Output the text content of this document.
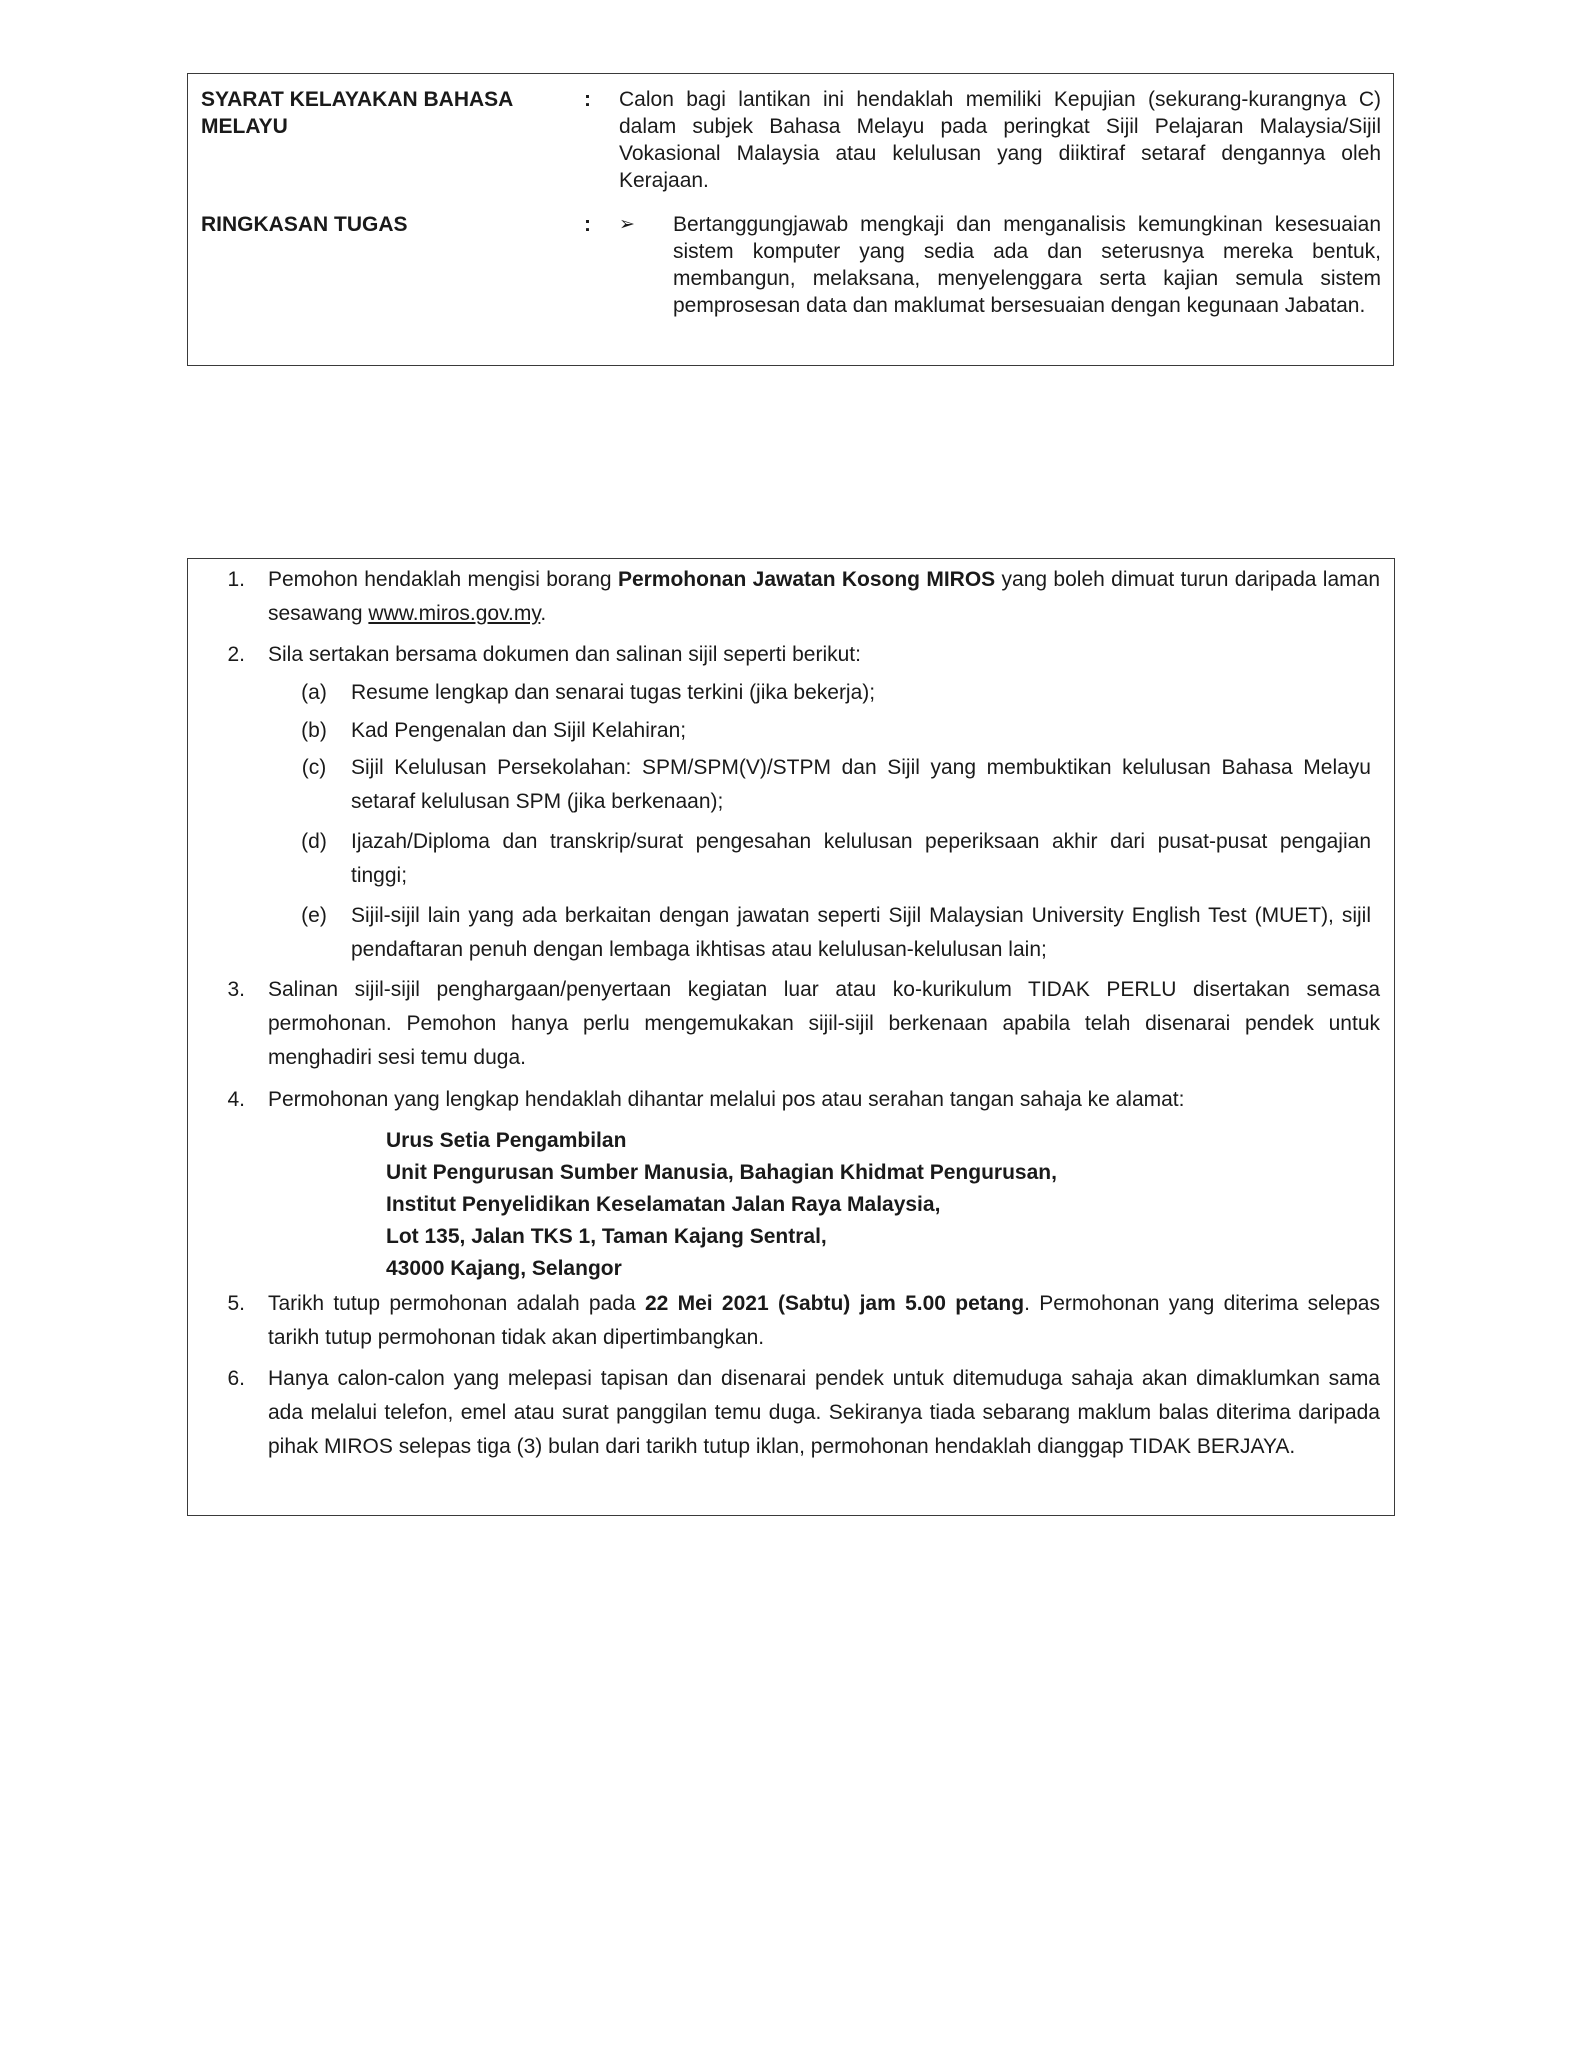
SYARAT KELAYAKAN BAHASA MELAYU
: Calon bagi lantikan ini hendaklah memiliki Kepujian (sekurang-kurangnya C) dalam subjek Bahasa Melayu pada peringkat Sijil Pelajaran Malaysia/Sijil Vokasional Malaysia atau kelulusan yang diiktiraf setaraf dengannya oleh Kerajaan.
RINGKASAN TUGAS	: ➢ Bertanggungjawab mengkaji dan menganalisis kemungkinan kesesuaian sistem komputer yang sedia ada dan seterusnya mereka bentuk, membangun, melaksana, menyelenggara serta kajian semula sistem pemprosesan data dan maklumat bersesuaian dengan kegunaan Jabatan.
1. Pemohon hendaklah mengisi borang Permohonan Jawatan Kosong MIROS yang boleh dimuat turun daripada laman sesawang www.miros.gov.my.
2. Sila sertakan bersama dokumen dan salinan sijil seperti berikut:
(a)	Resume lengkap dan senarai tugas terkini (jika bekerja);
(b)	Kad Pengenalan dan Sijil Kelahiran;
(c)	Sijil Kelulusan Persekolahan: SPM/SPM(V)/STPM dan Sijil yang membuktikan kelulusan Bahasa Melayu setaraf kelulusan SPM (jika berkenaan);
(d)	Ijazah/Diploma dan transkrip/surat pengesahan kelulusan peperiksaan akhir dari pusat-pusat pengajian tinggi;
(e)	Sijil-sijil lain yang ada berkaitan dengan jawatan seperti Sijil Malaysian University English Test (MUET), sijil pendaftaran penuh dengan lembaga ikhtisas atau kelulusan-kelulusan lain;
3. Salinan sijil-sijil penghargaan/penyertaan kegiatan luar atau ko-kurikulum TIDAK PERLU disertakan semasa permohonan. Pemohon hanya perlu mengemukakan sijil-sijil berkenaan apabila telah disenarai pendek untuk menghadiri sesi temu duga.
4. Permohonan yang lengkap hendaklah dihantar melalui pos atau serahan tangan sahaja ke alamat:
Urus Setia Pengambilan
Unit Pengurusan Sumber Manusia, Bahagian Khidmat Pengurusan,
Institut Penyelidikan Keselamatan Jalan Raya Malaysia,
Lot 135, Jalan TKS 1, Taman Kajang Sentral,
43000 Kajang, Selangor
5. Tarikh tutup permohonan adalah pada 22 Mei 2021 (Sabtu) jam 5.00 petang. Permohonan yang diterima selepas tarikh tutup permohonan tidak akan dipertimbangkan.
6. Hanya calon-calon yang melepasi tapisan dan disenarai pendek untuk ditemuduga sahaja akan dimaklumkan sama ada melalui telefon, emel atau surat panggilan temu duga. Sekiranya tiada sebarang maklum balas diterima daripada pihak MIROS selepas tiga (3) bulan dari tarikh tutup iklan, permohonan hendaklah dianggap TIDAK BERJAYA.
